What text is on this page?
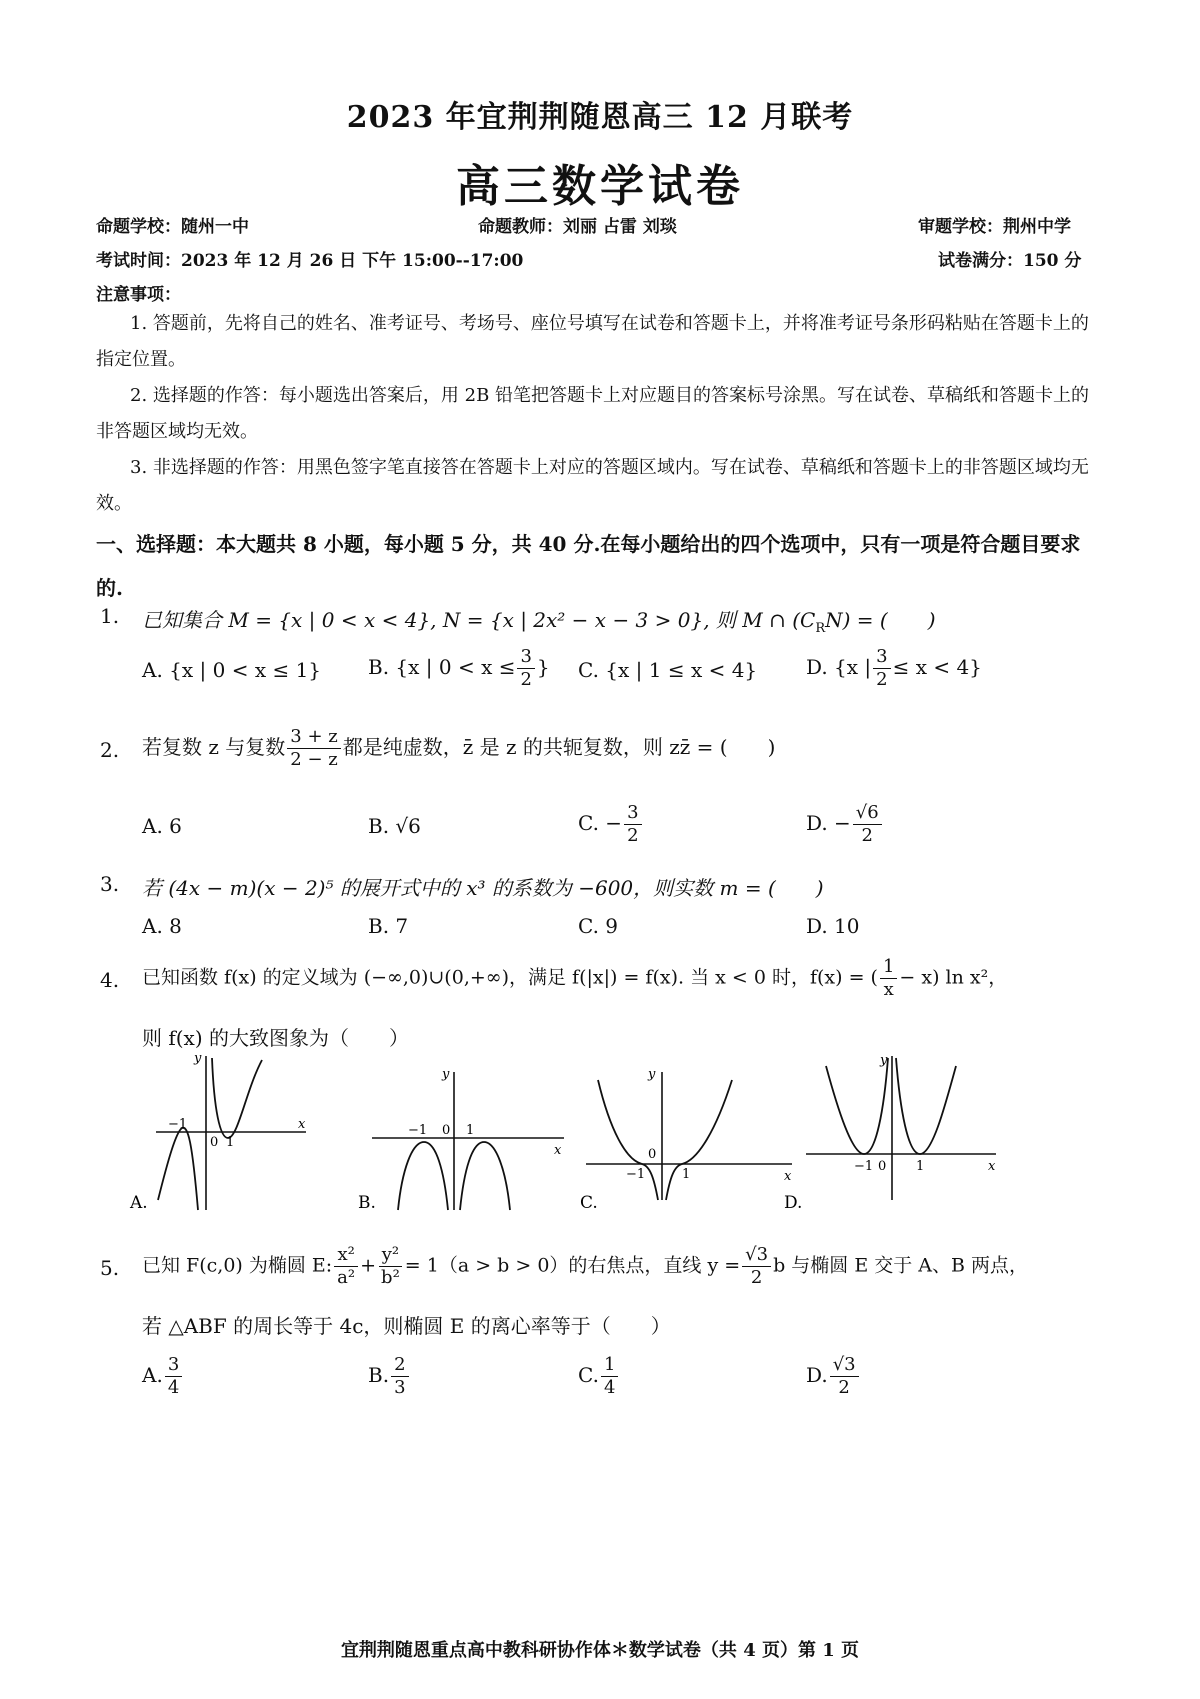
2023 年宜荆荆随恩高三 12 月联考
高三数学试卷
命题学校：随州一中	命题教师：刘丽 占雷 刘琰	审题学校：荆州中学
考试时间：2023 年 12 月 26 日 下午 15:00--17:00	试卷满分：150 分
注意事项：
1. 答题前，先将自己的姓名、准考证号、考场号、座位号填写在试卷和答题卡上，并将准考证号条形码粘贴在答题卡上的指定位置。
2. 选择题的作答：每小题选出答案后，用 2B 铅笔把答题卡上对应题目的答案标号涂黑。写在试卷、草稿纸和答题卡上的非答题区域均无效。
3. 非选择题的作答：用黑色签字笔直接答在答题卡上对应的答题区域内。写在试卷、草稿纸和答题卡上的非答题区域均无效。
一、选择题：本大题共 8 小题，每小题 5 分，共 40 分.在每小题给出的四个选项中，只有一项是符合题目要求的.
1. 已知集合 M = {x | 0 < x < 4}, N = {x | 2x² − x − 3 > 0}, 则 M ∩ $(C_RN)$ = (　　)
A. {x | 0 < x ≤ 1} B. {x | $0 < x \le \frac{3}{2}$ } C. {x | 1 ≤ x < 4} D. {x | $\frac{3}{2} \le x < 4$}
2. 若复数 z 与复数 $\frac{3 + z}{2 - z}$ 都是纯虚数，z̄ 是 z 的共轭复数，则 zz̄ = (　　)
A. 6	B. √6	C. − $\frac{3}{2}$	D. − $\frac{√6}{2}$
3. 若 (4x − m)(x − 2)⁵ 的展开式中的 x³ 的系数为 −600，则实数 m = (　　)
A. 8	B. 7	C. 9	D. 10
4. 已知函数 f(x) 的定义域为 (−∞,0)∪(0,+∞)，满足 f(|x|) = f(x). 当 x < 0 时，f(x) = ( $\frac{1}{x} - x$) ln x²，
则 f(x) 的大致图象为（　　）
−1
0 1
y
x
A.
−1 0 1
y
x
B.
−1
0
1
y
x
C.
−1 0 1
y
x
D.
5. 已知 F(c,0) 为椭圆 E: $\frac{\text{x²}}{\text{a²}} + \frac{\text{y²}}{\text{b²}} = 1(a > b > 0)$的右焦点，直线 $y = \frac{√3}{2}$ b 与椭圆 E 交于 A、B 两点，
若 △ABF 的周长等于 4c，则椭圆 E 的离心率等于（　　）
A. $\frac{3}{4}$	B. $\frac{2}{3}$	C. $\frac{1}{4}$	D. $\frac{√3}{2}$
宜荆荆随恩重点高中教科研协作体＊数学试卷（共 4 页）第 1 页
